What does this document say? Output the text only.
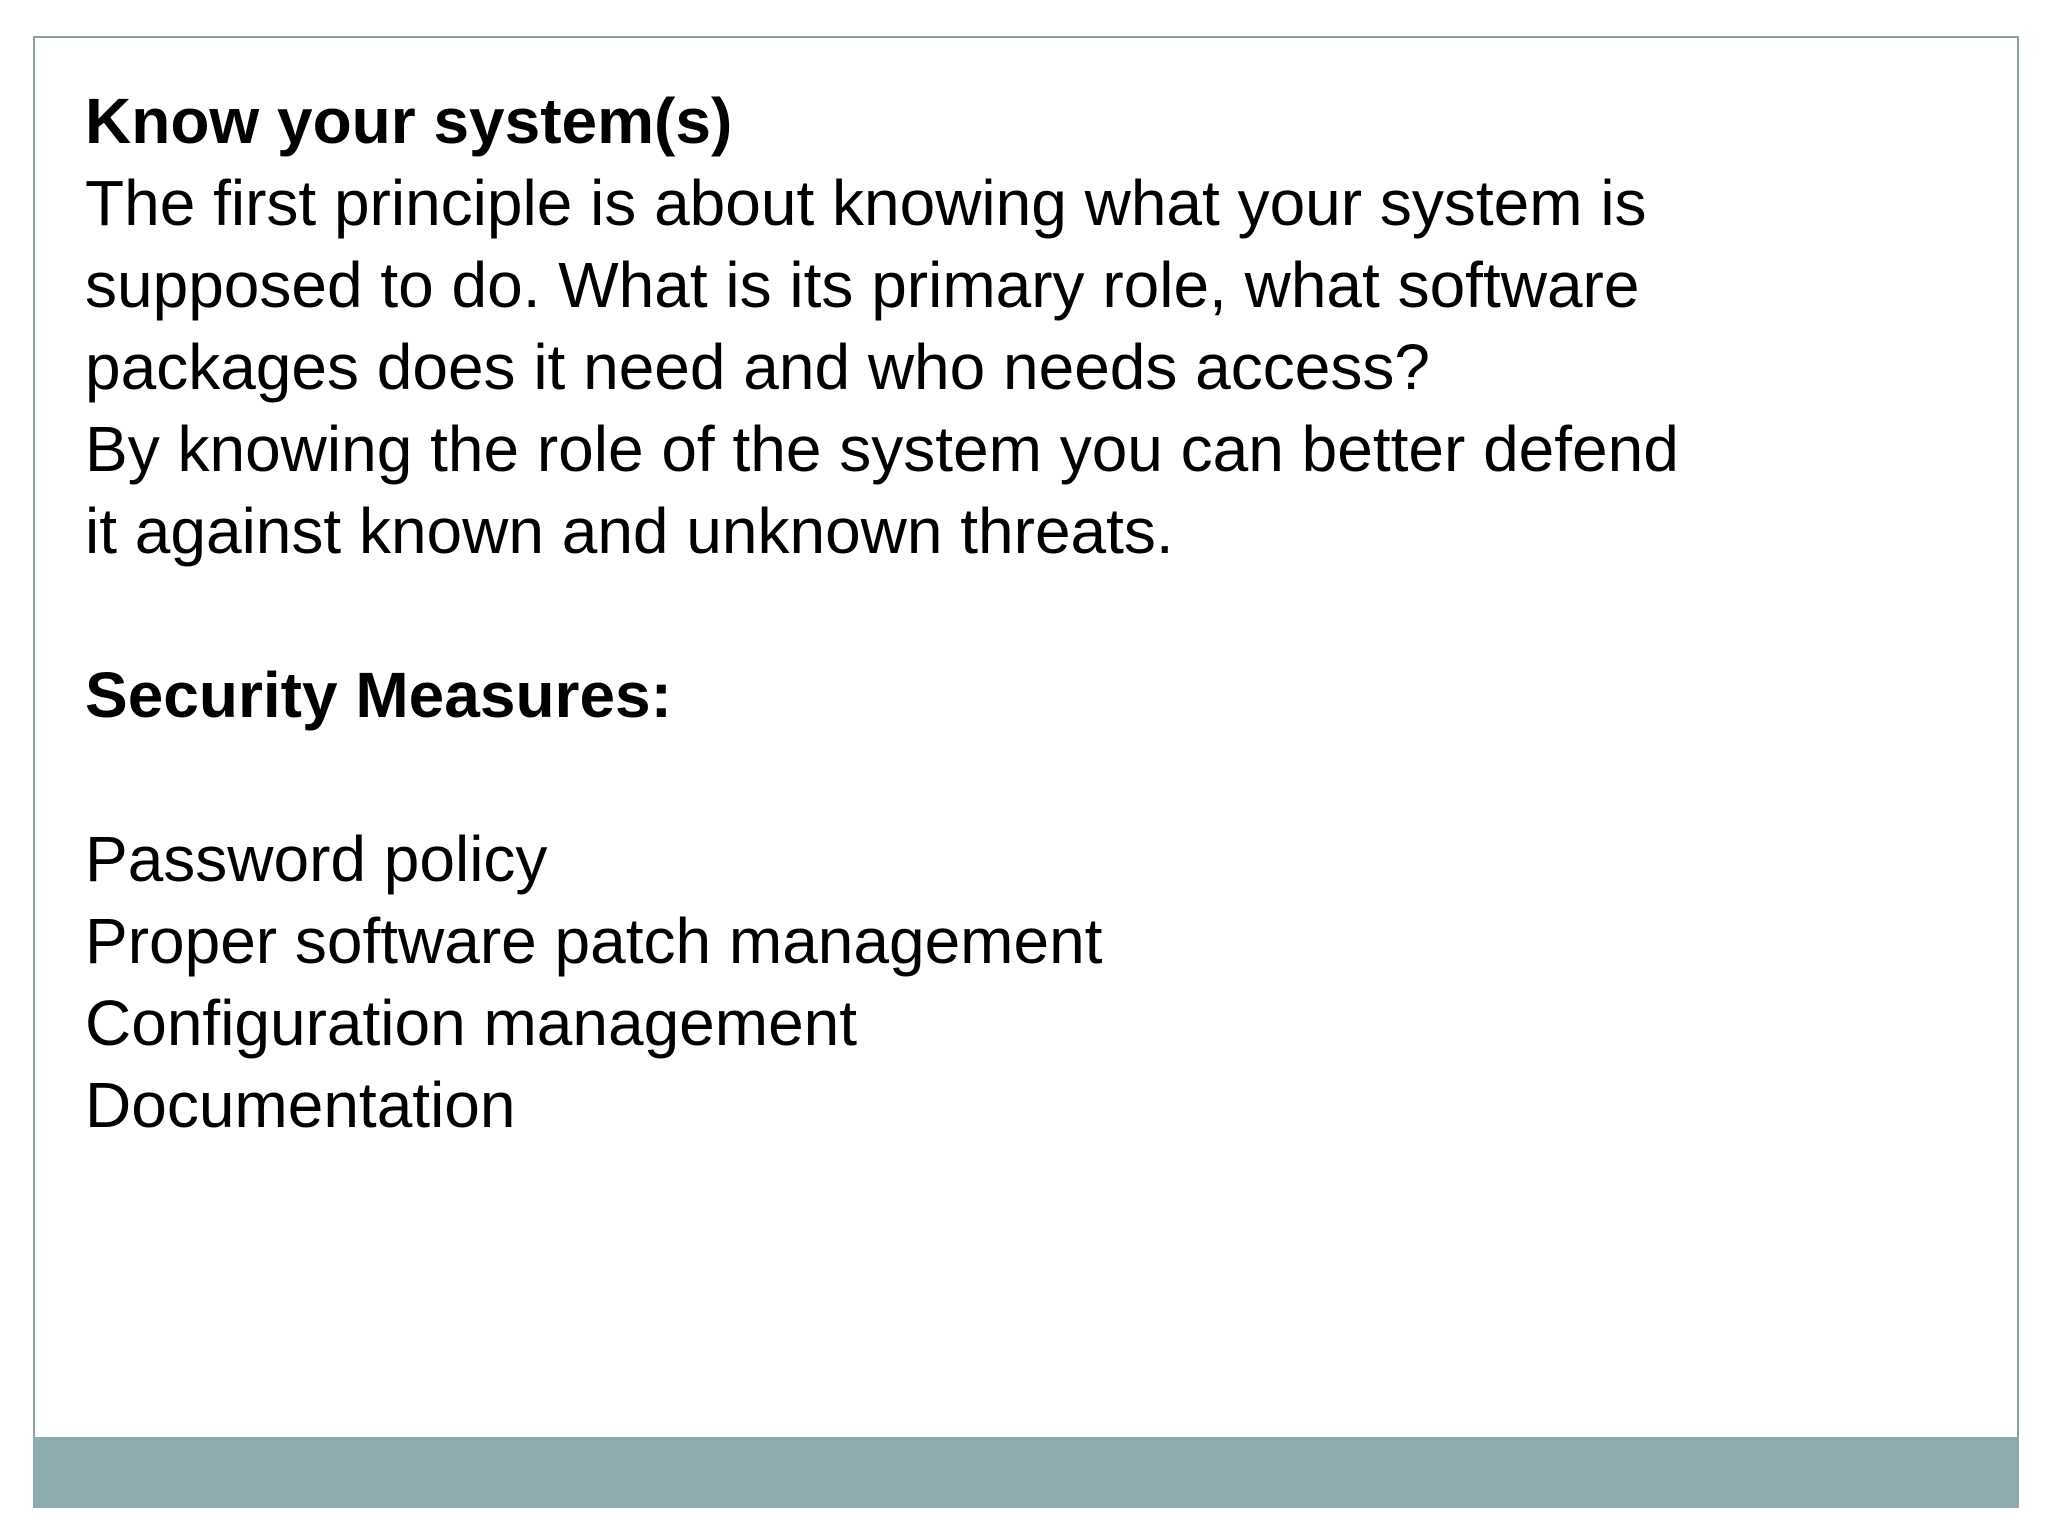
Know your system(s)

The first principle is about knowing what your system is supposed to do. What is its primary role, what software packages does it need and who needs access?

By knowing the role of the system you can better defend it against known and unknown threats.

Security Measures:

Password policy

Proper software patch management

Configuration management

Documentation
